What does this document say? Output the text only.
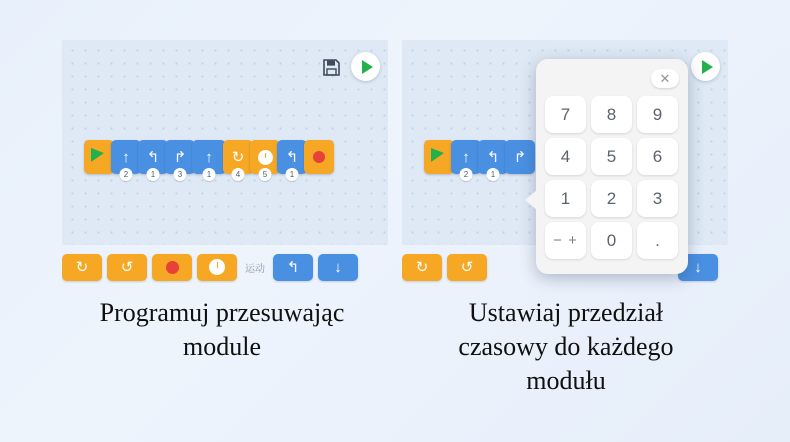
↑
2
↰
1
↱
3
↑
1
↻
4	5
↰
1
↻ ↺	运动 ↰ ↓
↑
2
↰
1
↱
✕
7	8	9
4	5	6
1	2	3
− +	0	.
↻ ↺	↓
Programuj przesuwając
module
Ustawiaj przedział
czasowy do każdego
modułu
